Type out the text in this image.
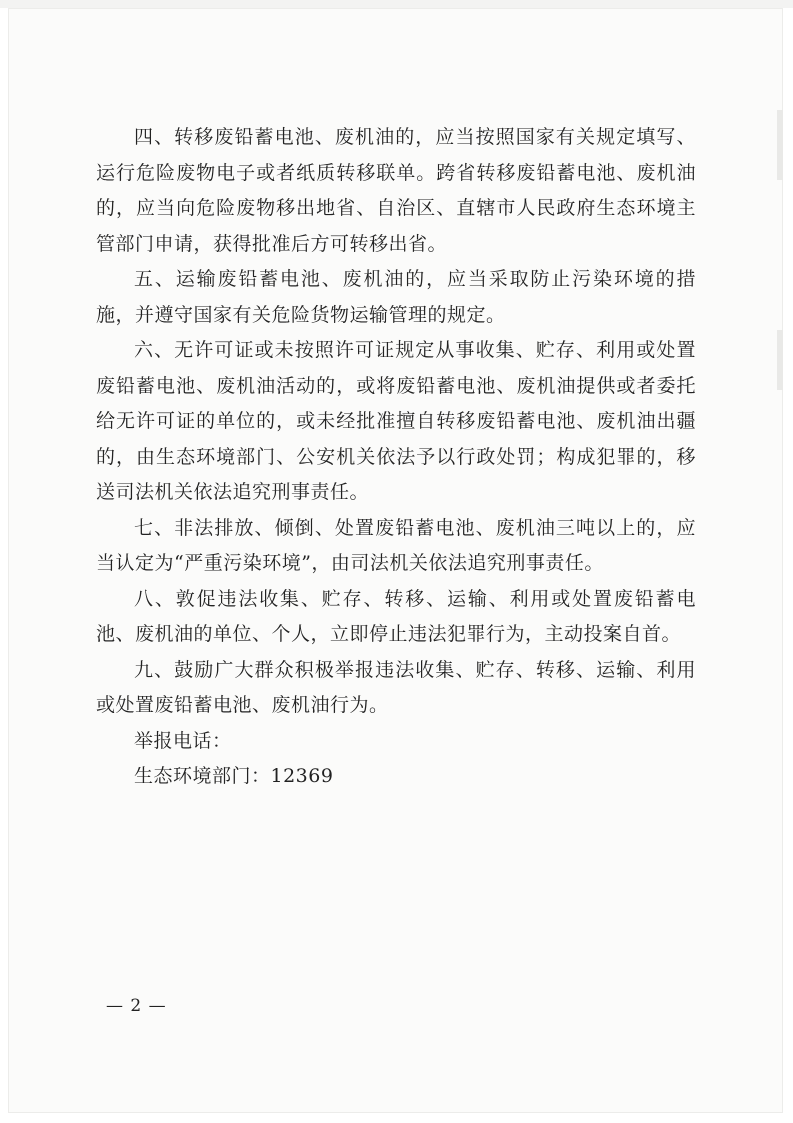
四、转移废铅蓄电池、废机油的，应当按照国家有关规定填写、运行危险废物电子或者纸质转移联单。跨省转移废铅蓄电池、废机油的，应当向危险废物移出地省、自治区、直辖市人民政府生态环境主管部门申请，获得批准后方可转移出省。

五、运输废铅蓄电池、废机油的，应当采取防止污染环境的措施，并遵守国家有关危险货物运输管理的规定。

六、无许可证或未按照许可证规定从事收集、贮存、利用或处置废铅蓄电池、废机油活动的，或将废铅蓄电池、废机油提供或者委托给无许可证的单位的，或未经批准擅自转移废铅蓄电池、废机油出疆的，由生态环境部门、公安机关依法予以行政处罚；构成犯罪的，移送司法机关依法追究刑事责任。

七、非法排放、倾倒、处置废铅蓄电池、废机油三吨以上的，应当认定为“严重污染环境”，由司法机关依法追究刑事责任。

八、敦促违法收集、贮存、转移、运输、利用或处置废铅蓄电池、废机油的单位、个人，立即停止违法犯罪行为，主动投案自首。

九、鼓励广大群众积极举报违法收集、贮存、转移、运输、利用或处置废铅蓄电池、废机油行为。

举报电话：

生态环境部门：12369

— 2 —
